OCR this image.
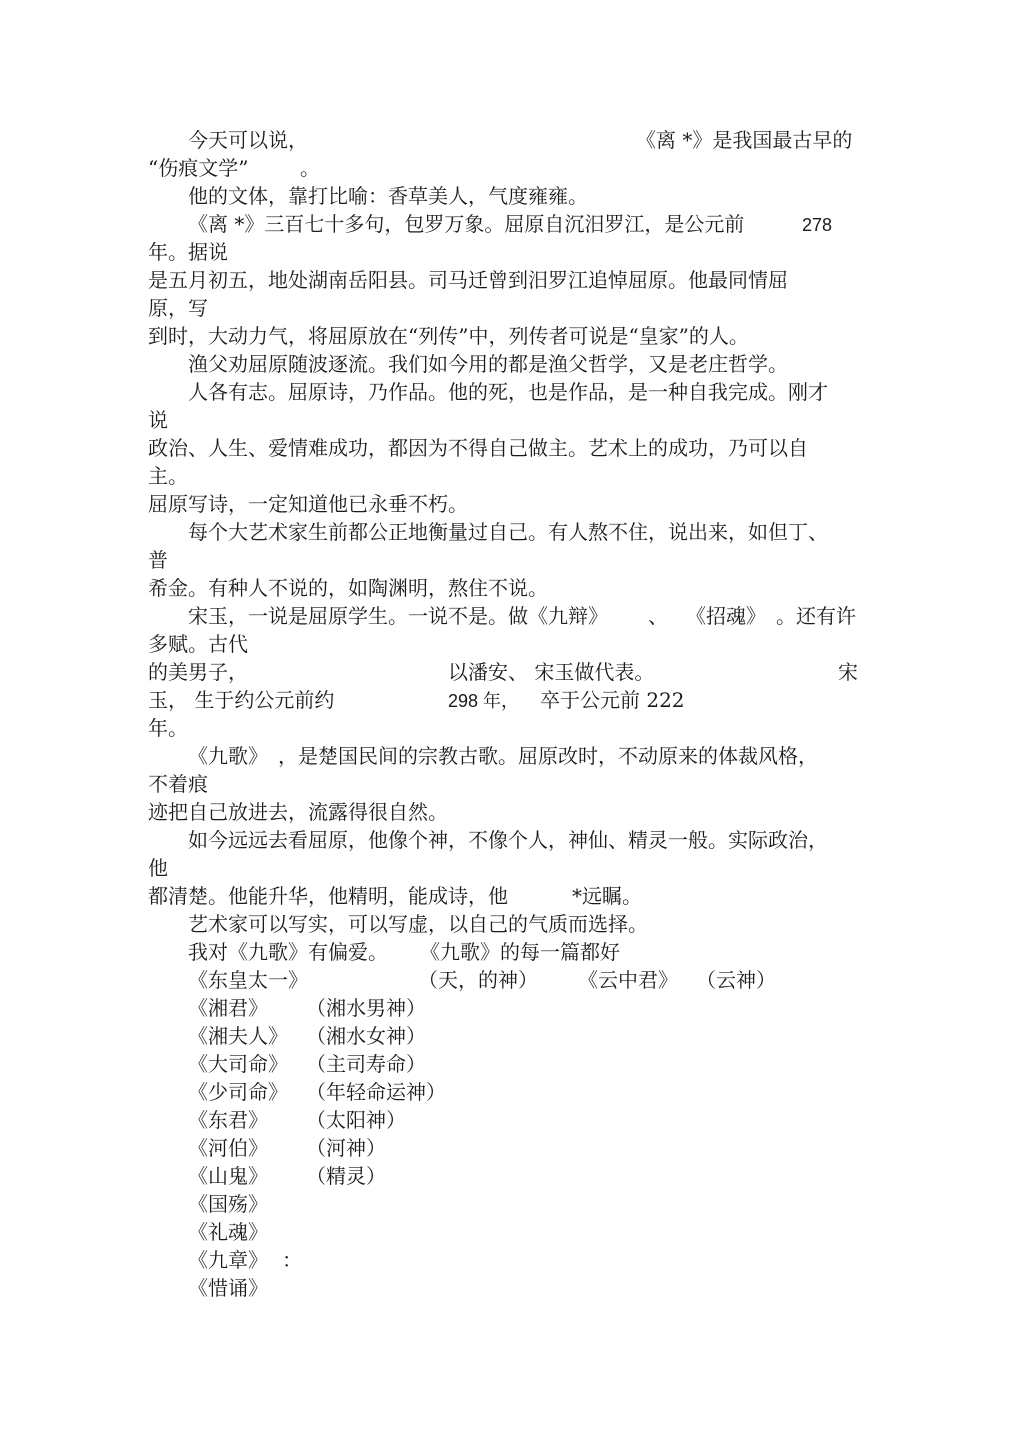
今天可以说，	《离 *》是我国最古早的
“伤痕文学”	。
他的文体，靠打比喻：香草美人，气度雍雍。
《离 *》三百七十多句，包罗万象。屈原自沉汨罗江，是公元前	278
年。据说
是五月初五，地处湖南岳阳县。司马迁曾到汨罗江追悼屈原。他最同情屈
原，写
到时，大动力气，将屈原放在“列传”中，列传者可说是“皇家”的人。
渔父劝屈原随波逐流。我们如今用的都是渔父哲学，又是老庄哲学。
人各有志。屈原诗，乃作品。他的死，也是作品，是一种自我完成。刚才
说
政治、人生、爱情难成功，都因为不得自己做主。艺术上的成功，乃可以自
主。
屈原写诗，一定知道他已永垂不朽。
每个大艺术家生前都公正地衡量过自己。有人熬不住，说出来，如但丁、
普
希金。有种人不说的，如陶渊明，熬住不说。
宋玉，一说是屈原学生。一说不是。做《九辩》 、 《招魂》 。还有许
多赋。古代
的美男子，	以潘安、 宋玉做代表。	宋
玉， 生于约公元前约	298 年， 卒于公元前 222
年。
《九歌》 ，是楚国民间的宗教古歌。屈原改时，不动原来的体裁风格，
不着痕
迹把自己放进去，流露得很自然。
如今远远去看屈原，他像个神，不像个人，神仙、精灵一般。实际政治，
他
都清楚。他能升华，他精明，能成诗，他	*远瞩。
艺术家可以写实，可以写虚，以自己的气质而选择。
我对《九歌》有偏爱。 《九歌》的每一篇都好
《东皇太一》	（天，的神） 《云中君》 （云神）
《湘君》 （湘水男神）
《湘夫人》 （湘水女神）
《大司命》 （主司寿命）
《少司命》 （年轻命运神）
《东君》 （太阳神）
《河伯》 （河神）
《山鬼》 （精灵）
《国殇》
《礼魂》
《九章》 ：
《惜诵》
